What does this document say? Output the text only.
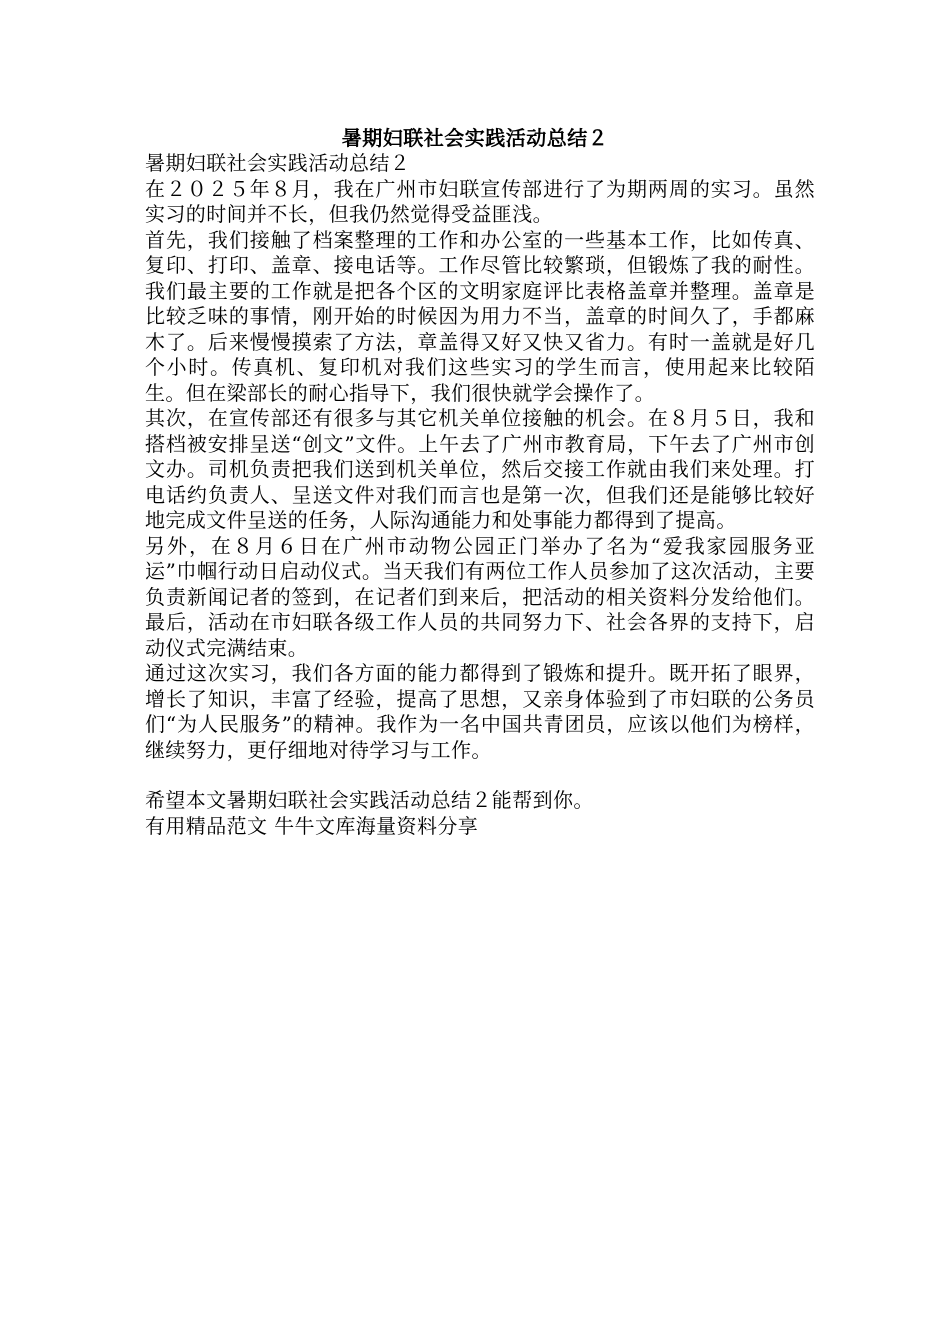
暑期妇联社会实践活动总结２

暑期妇联社会实践活动总结２

在２０２５年８月，我在广州市妇联宣传部进行了为期两周的实习。虽然实习的时间并不长，但我仍然觉得受益匪浅。

首先，我们接触了档案整理的工作和办公室的一些基本工作，比如传真、复印、打印、盖章、接电话等。工作尽管比较繁琐，但锻炼了我的耐性。我们最主要的工作就是把各个区的文明家庭评比表格盖章并整理。盖章是比较乏味的事情，刚开始的时候因为用力不当，盖章的时间久了，手都麻木了。后来慢慢摸索了方法，章盖得又好又快又省力。有时一盖就是好几个小时。传真机、复印机对我们这些实习的学生而言，使用起来比较陌生。但在梁部长的耐心指导下，我们很快就学会操作了。

其次，在宣传部还有很多与其它机关单位接触的机会。在８月５日，我和搭档被安排呈送“创文”文件。上午去了广州市教育局，下午去了广州市创文办。司机负责把我们送到机关单位，然后交接工作就由我们来处理。打电话约负责人、呈送文件对我们而言也是第一次，但我们还是能够比较好地完成文件呈送的任务，人际沟通能力和处事能力都得到了提高。

另外，在８月６日在广州市动物公园正门举办了名为“爱我家园服务亚运”巾帼行动日启动仪式。当天我们有两位工作人员参加了这次活动，主要负责新闻记者的签到，在记者们到来后，把活动的相关资料分发给他们。最后，活动在市妇联各级工作人员的共同努力下、社会各界的支持下，启动仪式完满结束。

通过这次实习，我们各方面的能力都得到了锻炼和提升。既开拓了眼界，增长了知识，丰富了经验，提高了思想，又亲身体验到了市妇联的公务员们“为人民服务”的精神。我作为一名中国共青团员，应该以他们为榜样，继续努力，更仔细地对待学习与工作。

希望本文暑期妇联社会实践活动总结２能帮到你。

有用精品范文 牛牛文库海量资料分享
